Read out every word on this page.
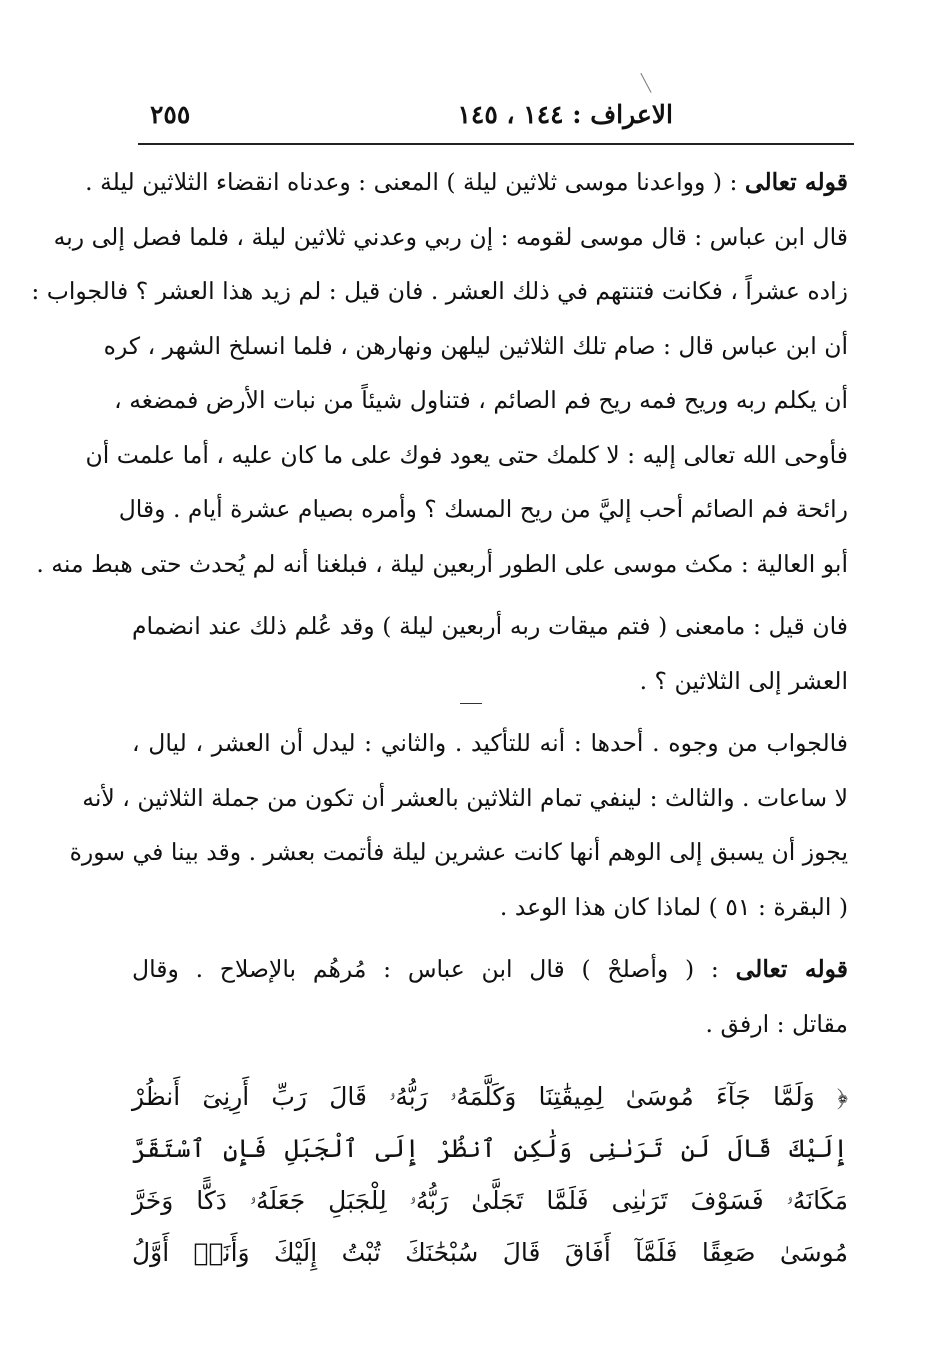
الاعراف : ١٤٤ ، ١٤٥
٢٥٥
قوله تعالى : ( وواعدنا موسى ثلاثين ليلة ) المعنى : وعدناه انقضاء الثلاثين ليلة .
قال ابن عباس : قال موسى لقومه : إن ربي وعدني ثلاثين ليلة ، فلما فصل إلى ربه
زاده عشراً ، فكانت فتنتهم في ذلك العشر . فان قيل : لم زيد هذا العشر ؟ فالجواب :
أن ابن عباس قال : صام تلك الثلاثين ليلهن ونهارهن ، فلما انسلخ الشهر ، كره
أن يكلم ربه وريح فمه ريح فم الصائم ، فتناول شيئاً من نبات الأرض فمضغه ،
فأوحى الله تعالى إليه : لا كلمك حتى يعود فوك على ما كان عليه ، أما علمت أن
رائحة فم الصائم أحب إليَّ من ريح المسك ؟ وأمره بصيام عشرة أيام . وقال
أبو العالية : مكث موسى على الطور أربعين ليلة ، فبلغنا أنه لم يُحدث حتى هبط منه .
فان قيل : مامعنى ( فتم ميقات ربه أربعين ليلة ) وقد عُلم ذلك عند انضمام
العشر إلى الثلاثين ؟ .
فالجواب من وجوه . أحدها : أنه للتأكيد . والثاني : ليدل أن العشر ، ليال ،
لا ساعات . والثالث : لينفي تمام الثلاثين بالعشر أن تكون من جملة الثلاثين ، لأنه
يجوز أن يسبق إلى الوهم أنها كانت عشرين ليلة فأتمت بعشر . وقد بينا في سورة
( البقرة : ٥١ ) لماذا كان هذا الوعد .
قوله تعالى : ( وأصلحْ ) قال ابن عباس : مُرهُم بالإصلاح . وقال
مقاتل : ارفق .
﴿ وَلَمَّا جَآءَ مُوسَىٰ لِمِيقَٰتِنَا وَكَلَّمَهُۥ رَبُّهُۥ قَالَ رَبِّ أَرِنِىٓ أَنظُرْ
إِلَيْكَ قَالَ لَن تَرَىٰنِى وَلَٰكِنِ ٱنظُرْ إِلَى ٱلْجَبَلِ فَإِنِ ٱسْتَقَرَّ
مَكَانَهُۥ فَسَوْفَ تَرَىٰنِى فَلَمَّا تَجَلَّىٰ رَبُّهُۥ لِلْجَبَلِ جَعَلَهُۥ دَكًّا وَخَرَّ
مُوسَىٰ صَعِقًا فَلَمَّآ أَفَاقَ قَالَ سُبْحَٰنَكَ تُبْتُ إِلَيْكَ وَأَنَا۠ أَوَّلُ
